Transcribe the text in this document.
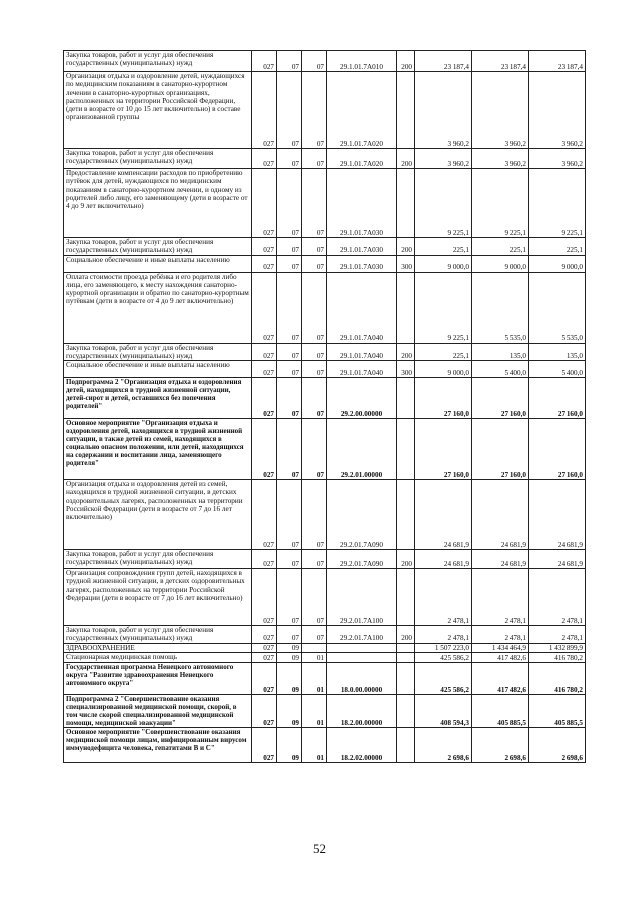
Закупка товаров, работ и услуг для обеспечения государственных (муниципальных) нужд	027	07	07	29.1.01.7А010	200	23 187,4	23 187,4	23 187,4
Организация отдыха и оздоровление детей, нуждающихся по медицинским показаниям в санаторно-курортном лечении в санаторно-курортных организациях, расположенных на территории Российской Федерации, (дети в возрасте от 10 до 15 лет включительно) в составе организованной группы	027	07	07	29.1.01.7А020		3 960,2	3 960,2	3 960,2
Закупка товаров, работ и услуг для обеспечения государственных (муниципальных) нужд	027	07	07	29.1.01.7А020	200	3 960,2	3 960,2	3 960,2
Предоставление компенсации расходов по приобретению путёвок для детей, нуждающихся по медицинским показаниям в санаторно-курортном лечении, и одному из родителей либо лицу, его заменяющему (дети в возрасте от 4 до 9 лет включительно)	027	07	07	29.1.01.7А030		9 225,1	9 225,1	9 225,1
Закупка товаров, работ и услуг для обеспечения государственных (муниципальных) нужд	027	07	07	29.1.01.7А030	200	225,1	225,1	225,1
Социальное обеспечение и иные выплаты населению	027	07	07	29.1.01.7А030	300	9 000,0	9 000,0	9 000,0
Оплата стоимости проезда ребёнка и его родителя либо лица, его заменяющего, к месту нахождения санаторно-курортной организации и обратно по санаторно-курортным путёвкам (дети в возрасте от 4 до 9 лет включительно)	027	07	07	29.1.01.7А040		9 225,1	5 535,0	5 535,0
Закупка товаров, работ и услуг для обеспечения государственных (муниципальных) нужд	027	07	07	29.1.01.7А040	200	225,1	135,0	135,0
Социальное обеспечение и иные выплаты населению	027	07	07	29.1.01.7А040	300	9 000,0	5 400,0	5 400,0
Подпрограмма 2 "Организация отдыха и оздоровления детей, находящихся в трудной жизненной ситуации, детей-сирот и детей, оставшихся без попечения родителей"	027	07	07	29.2.00.00000		27 160,0	27 160,0	27 160,0
Основное мероприятие "Организация отдыха и оздоровления детей, находящихся в трудной жизненной ситуации, в также детей из семей, находящихся в социально опасном положении, или детей, находящихся на содержании и воспитании лица, заменяющего родителя"	027	07	07	29.2.01.00000		27 160,0	27 160,0	27 160,0
Организация отдыха и оздоровления детей из семей, находящихся в трудной жизненной ситуации, в детских оздоровительных лагерях, расположенных на территории Российской Федерации (дети в возрасте от 7 до 16 лет включительно)	027	07	07	29.2.01.7А090		24 681,9	24 681,9	24 681,9
Закупка товаров, работ и услуг для обеспечения государственных (муниципальных) нужд	027	07	07	29.2.01.7А090	200	24 681,9	24 681,9	24 681,9
Организация сопровождения групп детей, находящихся в трудной жизненной ситуации, в детских оздоровительных лагерях, расположенных на территории Российской Федерации (дети в возрасте от 7 до 16 лет включительно)	027	07	07	29.2.01.7А100		2 478,1	2 478,1	2 478,1
Закупка товаров, работ и услуг для обеспечения государственных (муниципальных) нужд	027	07	07	29.2.01.7А100	200	2 478,1	2 478,1	2 478,1
ЗДРАВООХРАНЕНИЕ	027	09				1 507 223,0	1 434 464,9	1 432 899,9
Стационарная медицинская помощь	027	09	01			425 586,2	417 482,6	416 780,2
Государственная программа Ненецкого автономного округа "Развитие здравоохранения Ненецкого автономного округа"	027	09	01	18.0.00.00000		425 586,2	417 482,6	416 780,2
Подпрограмма 2 "Совершенствование оказания специализированной медицинской помощи, скорой, в том числе скорой специализированной медицинской помощи, медицинской эвакуации"	027	09	01	18.2.00.00000		408 594,3	405 885,5	405 885,5
Основное мероприятие "Совершенствование оказания медицинской помощи лицам, инфицированным вирусом иммунодефицита человека, гепатитами B и C"	027	09	01	18.2.02.00000		2 698,6	2 698,6	2 698,6
52
